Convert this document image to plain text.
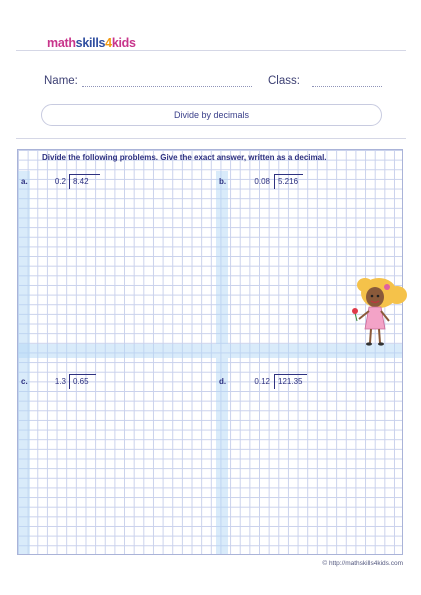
mathskills4kids
Name:	Class:
Divide by decimals
Divide the following problems. Give the exact answer, written as a decimal.
a.	0.2 8.42	b.	0.08 5.216
c.	1.3 0.65	d.	0.12 121.35
© http://mathskills4kids.com
